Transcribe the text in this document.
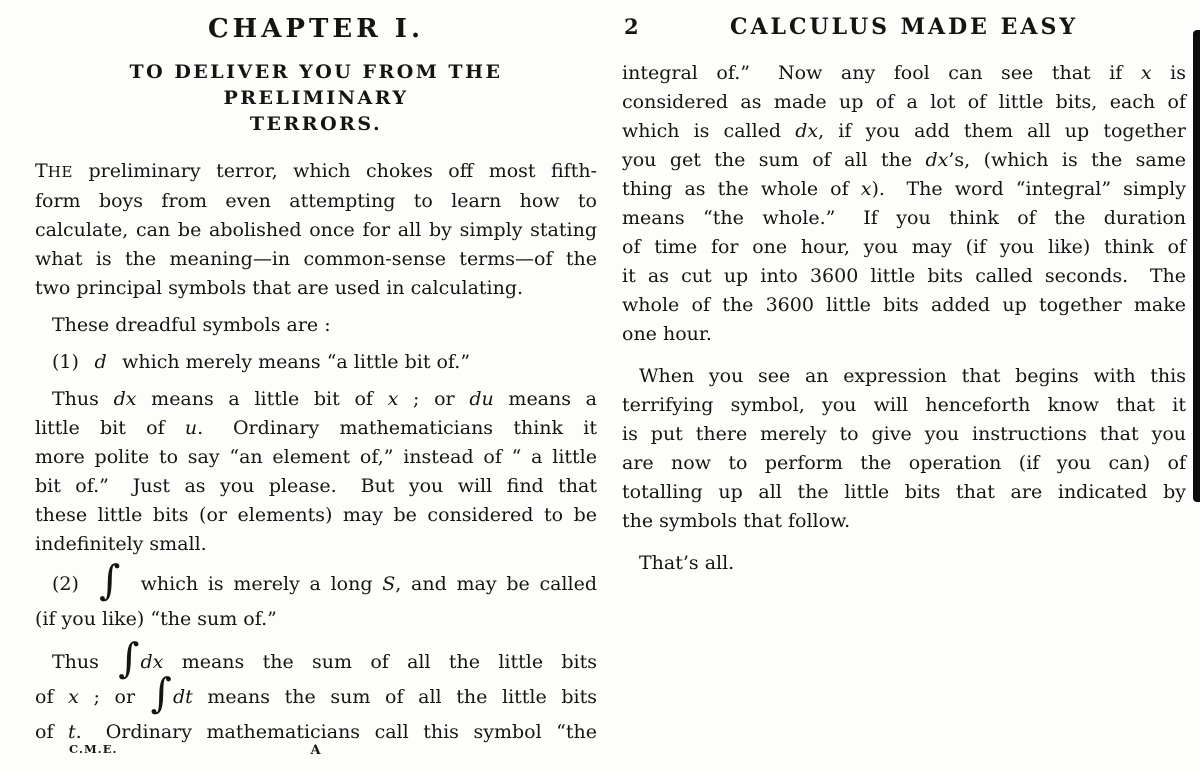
CHAPTER I.
TO DELIVER YOU FROM THE PRELIMINARY
TERRORS.
THE preliminary terror, which chokes off most fifth-
form boys from even attempting to learn how to
calculate, can be abolished once for all by simply stating
what is the meaning—in common-sense terms—of the
two principal symbols that are used in calculating.
These dreadful symbols are :
(1)  d  which merely means “a little bit of.”
Thus dx means a little bit of x ; or du means a
little bit of u.  Ordinary mathematicians think it
more polite to say “an element of,” instead of “ a little
bit of.”  Just as you please.  But you will find that
these little bits (or elements) may be considered to be
indefinitely small.
(2)  ∫  which is merely a long S, and may be called
(if you like) “the sum of.”
Thus ∫dx means the sum of all the little bits
of x ; or ∫dt means the sum of all the little bits
of t.  Ordinary mathematicians call this symbol “the
C.M.E.	A
2	CALCULUS MADE EASY
integral of.”  Now any fool can see that if x is
considered as made up of a lot of little bits, each of
which is called dx, if you add them all up together
you get the sum of all the dx’s, (which is the same
thing as the whole of x).  The word “integral” simply
means “the whole.”  If you think of the duration
of time for one hour, you may (if you like) think of
it as cut up into 3600 little bits called seconds.  The
whole of the 3600 little bits added up together make
one hour.
When you see an expression that begins with this
terrifying symbol, you will henceforth know that it
is put there merely to give you instructions that you
are now to perform the operation (if you can) of
totalling up all the little bits that are indicated by
the symbols that follow.
That’s all.
